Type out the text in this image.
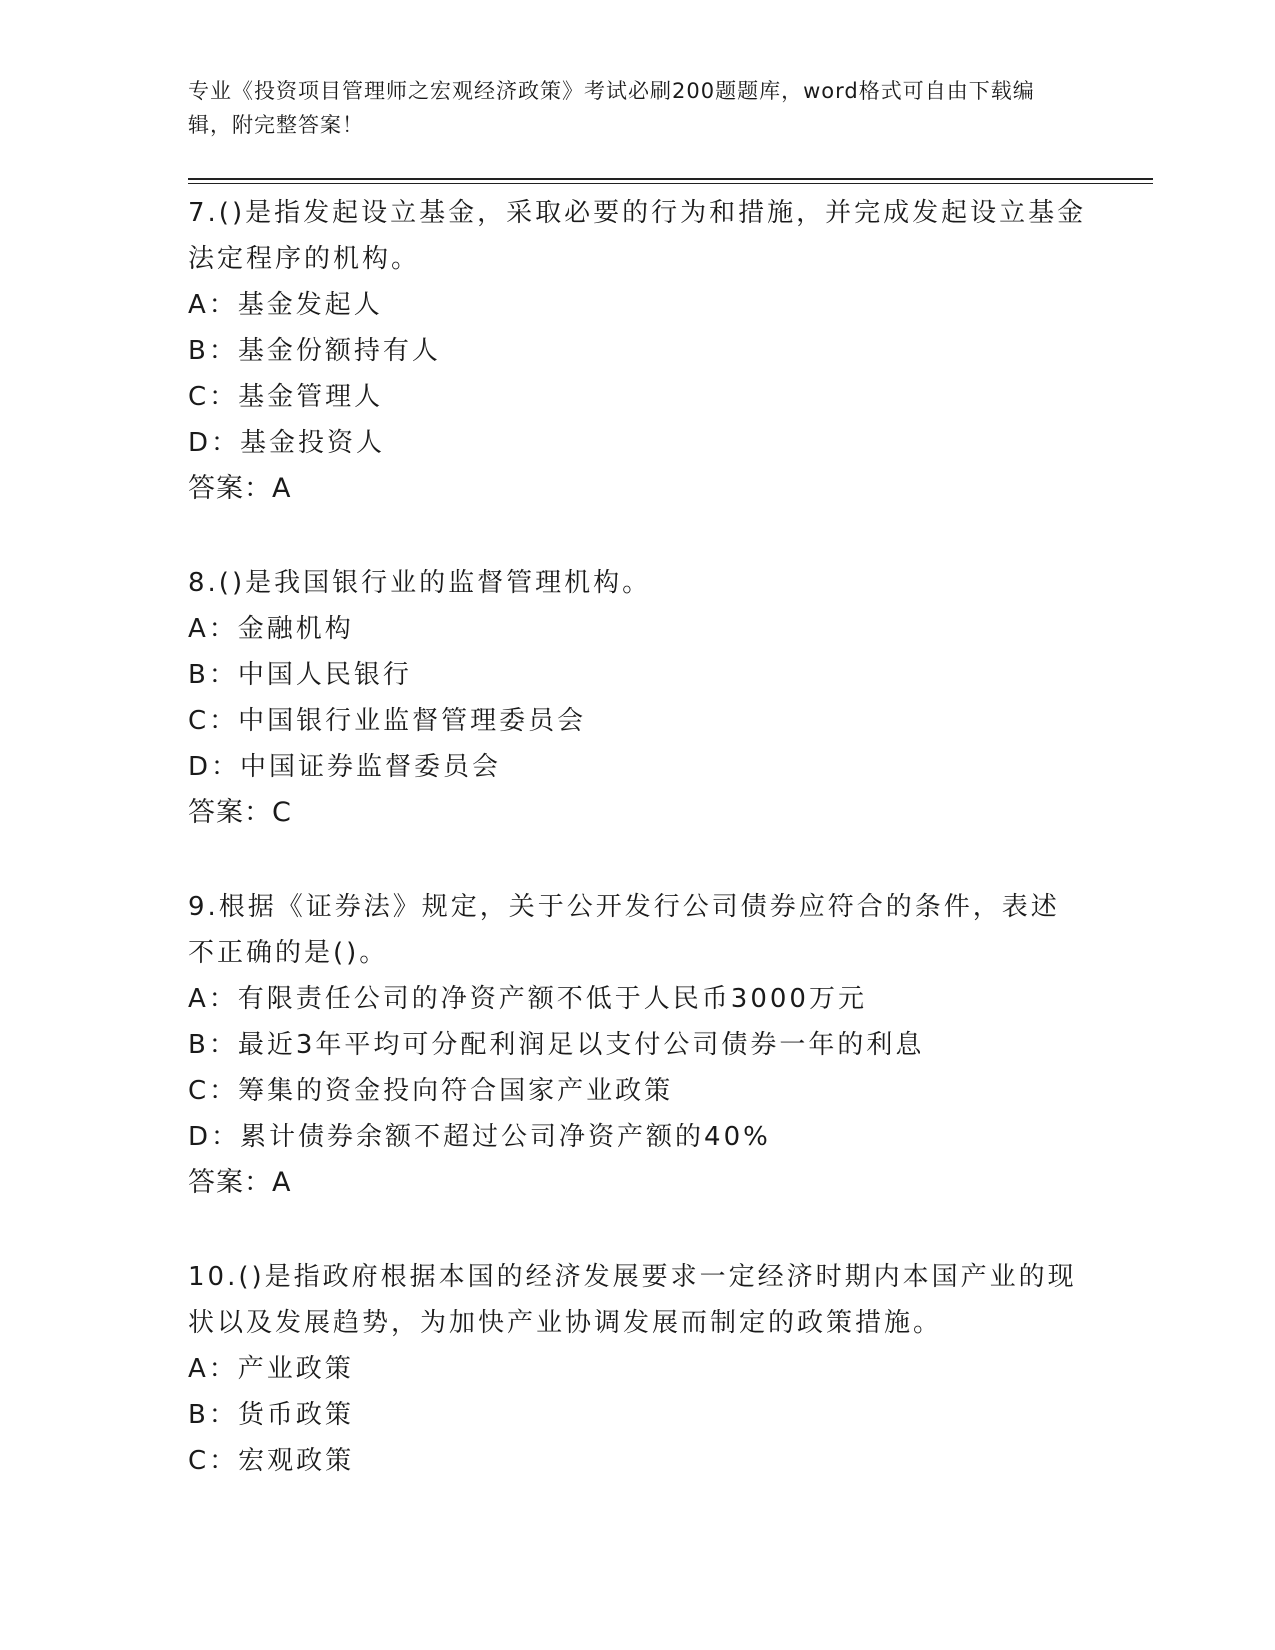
专业《投资项目管理师之宏观经济政策》考试必刷200题题库，word格式可自由下载编辑，附完整答案！

7.()是指发起设立基金，采取必要的行为和措施，并完成发起设立基金法定程序的机构。

A：基金发起人

B：基金份额持有人

C：基金管理人

D：基金投资人

答案：A

8.()是我国银行业的监督管理机构。

A：金融机构

B：中国人民银行

C：中国银行业监督管理委员会

D：中国证券监督委员会

答案：C

9.根据《证券法》规定，关于公开发行公司债券应符合的条件，表述不正确的是()。

A：有限责任公司的净资产额不低于人民币3000万元

B：最近3年平均可分配利润足以支付公司债券一年的利息

C：筹集的资金投向符合国家产业政策

D：累计债券余额不超过公司净资产额的40%

答案：A

10.()是指政府根据本国的经济发展要求一定经济时期内本国产业的现状以及发展趋势，为加快产业协调发展而制定的政策措施。

A：产业政策

B：货币政策

C：宏观政策
